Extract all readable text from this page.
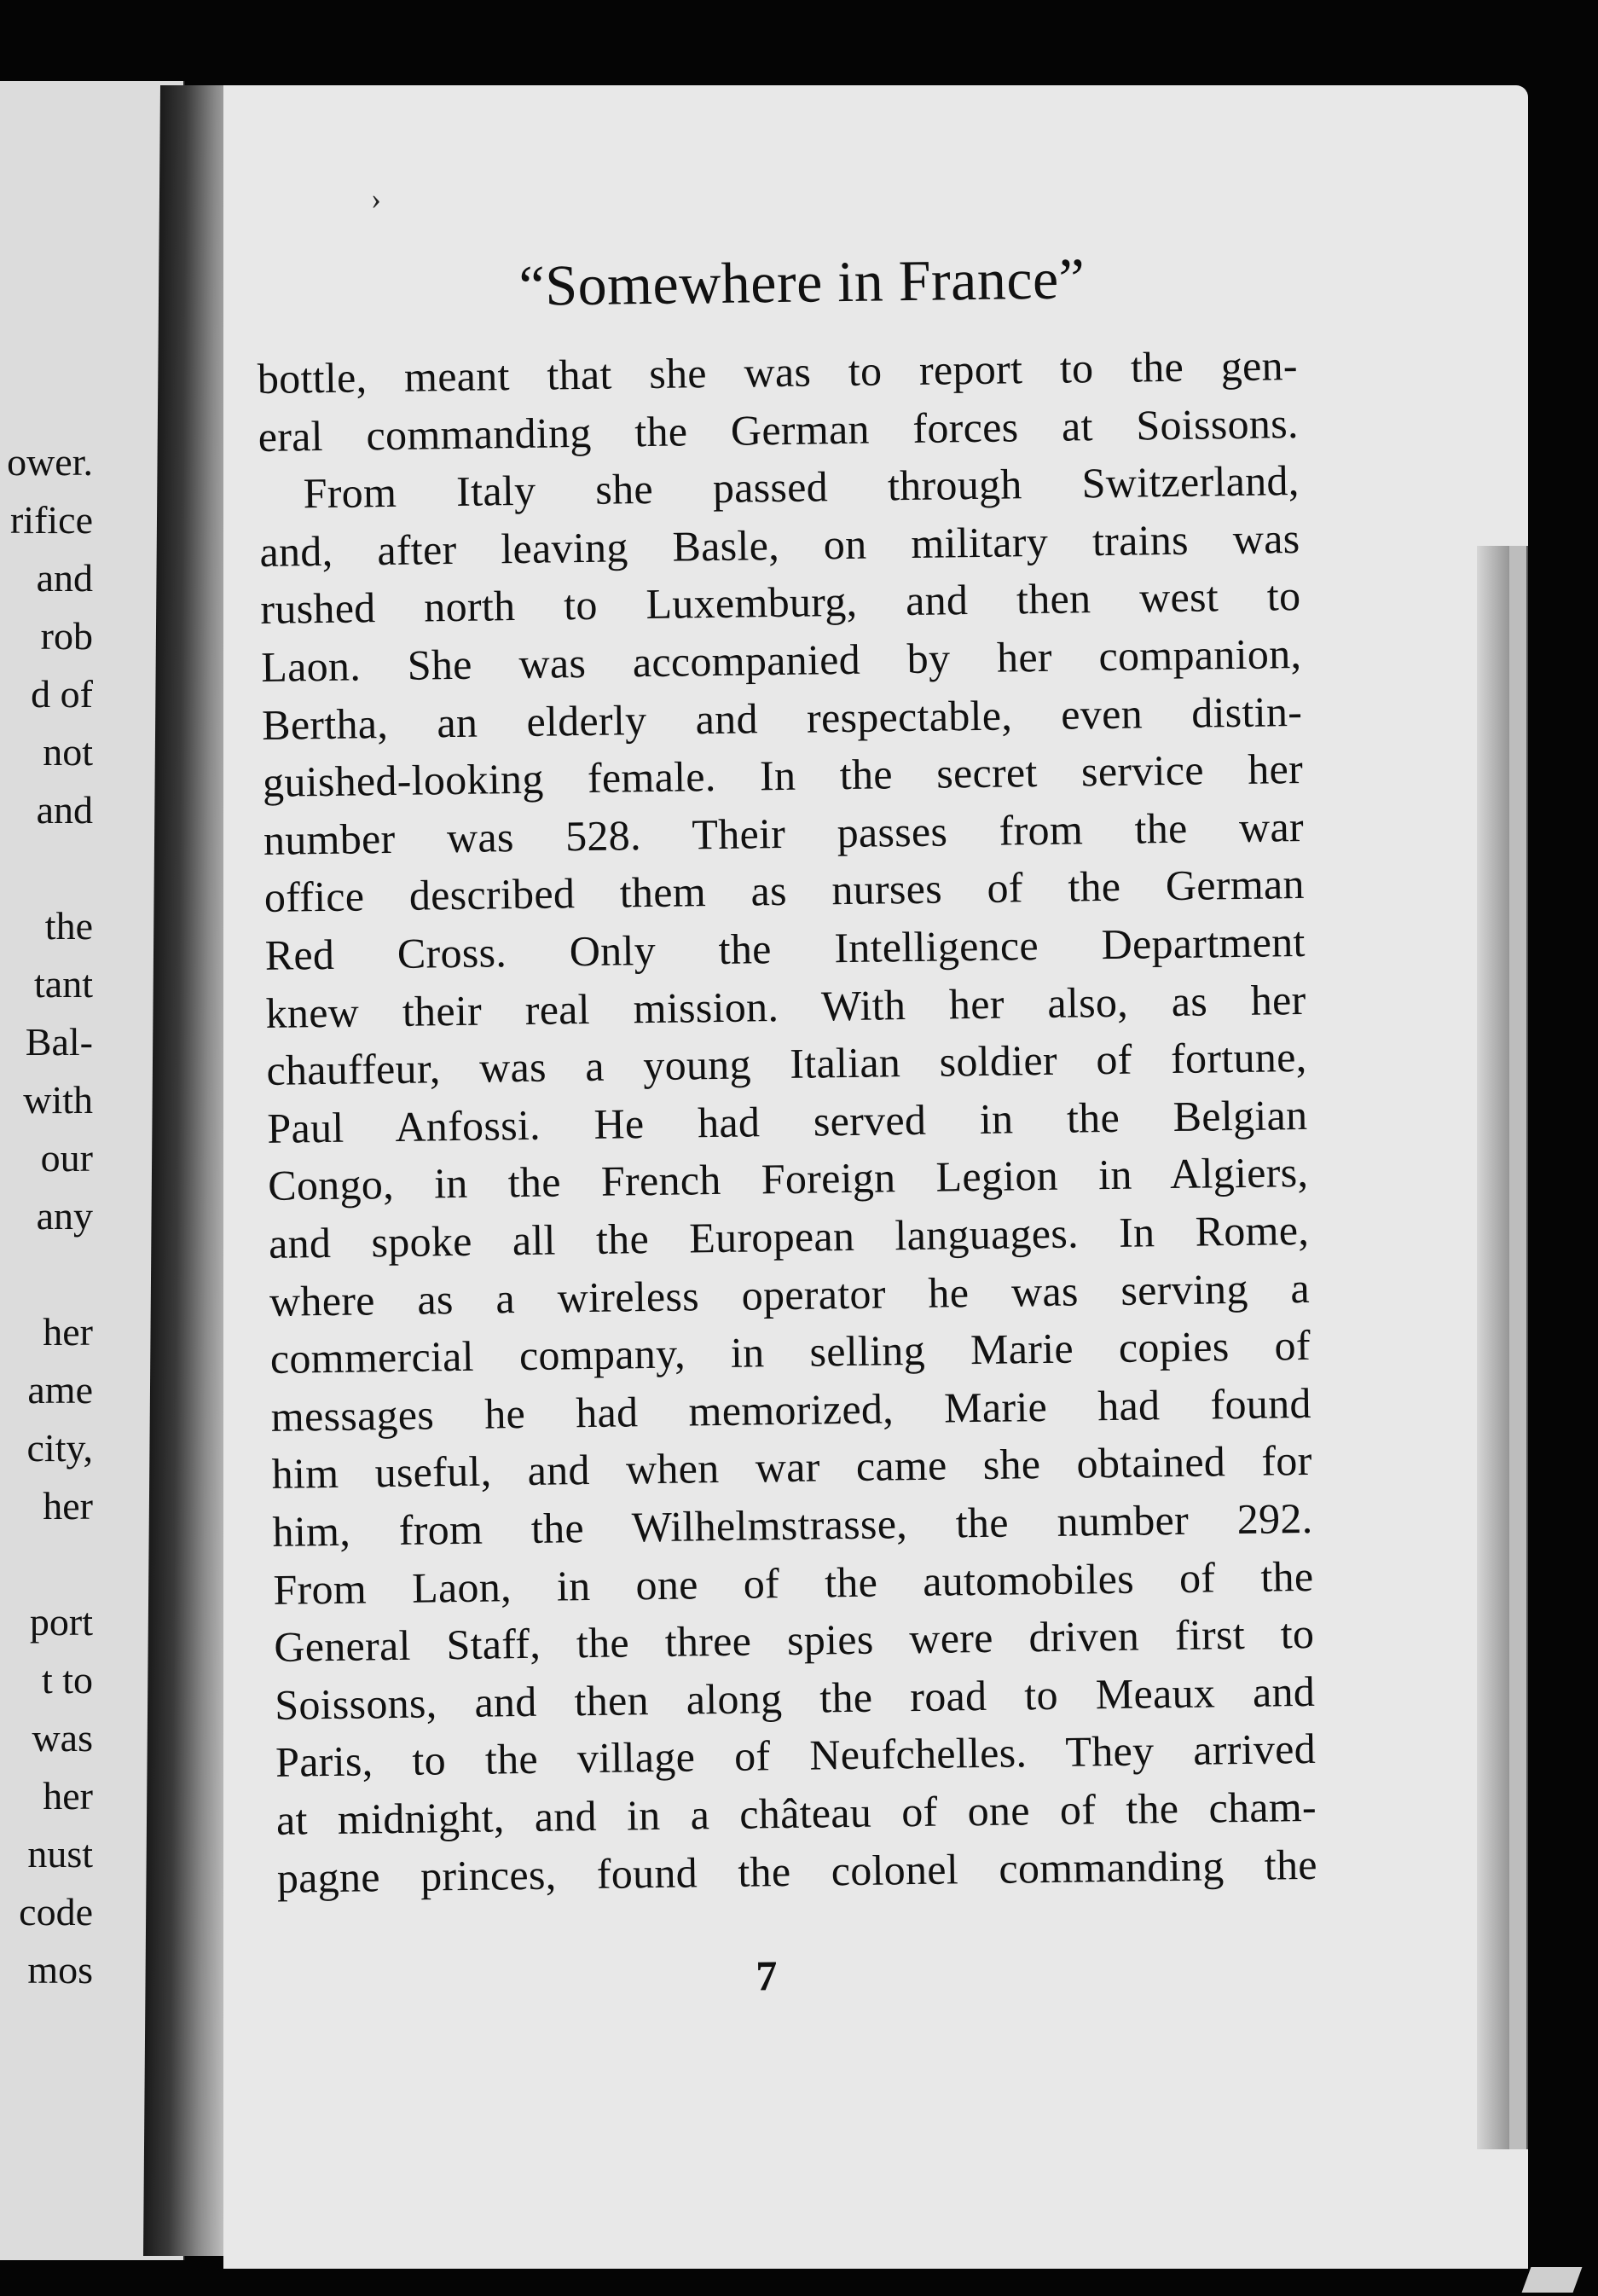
ower.
rifice
and
rob
d of
not
and
the
tant
Bal-
with
our
any
her
ame
city,
her
port
t to
was
her
nust
code
mos
›
“Somewhere in France”
bottle, meant that she was to report to the gen-
eral commanding the German forces at Soissons.
From Italy she passed through Switzerland,
and, after leaving Basle, on military trains was
rushed north to Luxemburg, and then west to
Laon. She was accompanied by her companion,
Bertha, an elderly and respectable, even distin-
guished-looking female. In the secret service her
number was 528. Their passes from the war
office described them as nurses of the German
Red Cross. Only the Intelligence Department
knew their real mission. With her also, as her
chauffeur, was a young Italian soldier of fortune,
Paul Anfossi. He had served in the Belgian
Congo, in the French Foreign Legion in Algiers,
and spoke all the European languages. In Rome,
where as a wireless operator he was serving a
commercial company, in selling Marie copies of
messages he had memorized, Marie had found
him useful, and when war came she obtained for
him, from the Wilhelmstrasse, the number 292.
From Laon, in one of the automobiles of the
General Staff, the three spies were driven first to
Soissons, and then along the road to Meaux and
Paris, to the village of Neufchelles. They arrived
at midnight, and in a château of one of the cham-
pagne princes, found the colonel commanding the
7
